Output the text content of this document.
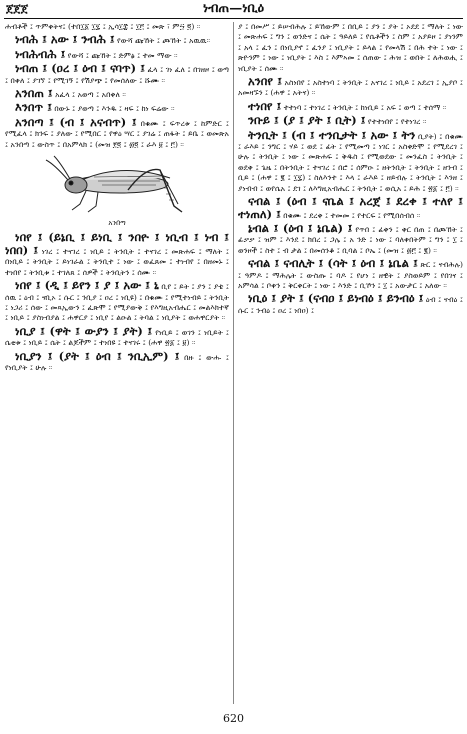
ጀጀጀ	ነብጠ—ነቢዕ
ሐብቶች ፤ ጥምቀትና፤ (ተበ፲፩ ፲፯ ፤ ኢሳ፲፰ ፤ ፲፫ ፤ መጽ ፣ ም፵ ፬) ።
ነብሕ ፤ አው ፤ ንብሕ ፤ የውሻ ጩኸት ፤ ጮኸት ፤ አዉዉ።
ነብሕብሕ ፤ የውሻ ፤ ጩኸት ፤ ድምፅ ፤ ተመ ማው ።
ነብጠ ፤ (ዐረ ፤ ዕብ ፤ ናባጥ) ፤ ፈላ ፤ ገነ ፈለ ፤ በገዘዞ ፤ ወጣ ፤ በቀለ ፤ ያገኘ ፤ የሚገኝ ፤ የሽያጭ ፤ የመሰለው ፤ ሹሙ ።
አንበጠ ፤ አፈላ ፤ አወጣ ፤ አበቀለ ።
እንበጥ ፤ በውኑ ፤ ያወጣ ፤ እንዱ ፤ ዛፍ ፤ ከነ ፍሬው ።
አንበጣ ፤ (ብ ፤ አናብጥ) ፤ በቁሙ ፤ ፍጥረቱ ፤ ከምድር ፤ የሚፈላ ፤ ክንፍ ፤ ያለው ፤ የሚበር ፤ የዋዕ ሣር ፤ ያገሬ ፤ ጠፋት ፤ ይቤ ፤ ወመጽአ ፤ አንበጣ ፤ ውስጥ ፤ በአምላክ ፤ (መዝ ፻፬ ፤ ፴፬ ፤ ራእ ፱ ፤ ፫) ።
አንበጣ
ነበየ ፤ (ይኔቢ ፤ ይነቢ ፤ ንበዮ ፤ ነቢብ ፤ ነብ ፤ ነበበ) ፤ ነገረ ፤ ተናገረ ፤ ነቢይ ፤ ትንቢት ፤ ተናገረ ፤ መጽሐፍ ፤ ማለት ፤ በነቢይ ፤ ትንቢት ፤ ይነገራል ፤ ትንቢተ ፤ ነው ፤ ወፈጸመ ፤ ተነብየ ፤ በዘመኑ ፤ ተነበየ ፤ ትንቢቱ ፤ ተገለጸ ፤ ሰዎች ፤ ትንቢትን ፤ ሰሙ ።
ነበየ ፤ (ዲ ፤ ይየን ፤ ያ ፤ አው ፤ ኒ ቢየ ፤ ይት ፤ ያን ፤ ያቴ ፤ ሰዉ ፤ ዕብ ፤ ናቢኦ ፤ ሱር ፤ ንቢያ ፤ ዐረ ፤ ነቢዩ) ፤ በቁሙ ፤ የሚተነብይ ፤ ትንቢት ፤ ነጋሪ ፤ ሰው ፤ መጻኢውን ፤ ፈጽሞ ፤ የሚያውቅ ፤ የእግዚአብሔር ፤ መልእክተኛ ፤ ነቢይ ፤ ያስነብያል ፤ ሐዋርያ ፤ ነቢየ ፤ ልዑል ፤ ትባል ፤ ነቢያት ፤ ወሐዋርያት ።
ነቢያ ፤ (ዋት ፤ ውያን ፤ ያት) ፤ የነቢይ ፤ ወገን ፤ ነቢይት ፤ ሴቲቱ ፤ ነቢይ ፤ ሴት ፤ ልጆችም ፤ ተነበዩ ፤ ተናገሩ ፤ (ሐዋ ፳፩ ፤ ፱) ።
ነቢያን ፤ (ያት ፤ ዕብ ፤ ንቢኢም) ፤ በዙ ፤ ውሑ ፤ የነቢያት ፤ ሁሉ ።
ያ ፤ በመሥ ፤ ይሠብሕሉ ፤ ይኸውም ፤ በቢይ ፤ ያን ፤ ያት ፤ ኦደደ ፤ ማለት ፤ ነው ፤ መጽሐፍ ፤ ግን ፤ ወንድና ፤ ሴት ፤ ዓይለይ ፤ የሴቶችን ፤ ስም ፤ አያይዞ ፤ ያነንም ፤ አላ ፤ ፈን ፤ በነቢያኖ ፤ ፈንያ ፤ ነቢያት ፤ ይላል ፤ የመላሽ ፤ በሕ ተት ፤ ነው ፤ ጽዮንም ፤ ነው ፤ ነቢያት ፤ እስ ፤ እምኣመ ፤ ሰጠው ፤ ሕዝ ፤ ወበት ፤ ለሕወሒ ፤ ነቢያት ፤ ሰሙ ።
አንበየ ፤ አስነበየ ፤ አስተነባ ፤ ትንቢት ፤ አናገረ ፤ ነቢይ ፤ አደረገ ፤ ኢያቦ ፤ አመዛኙን ፤ (ሐዋ ፤ አትና) ።
ተነበየ ፤ ተተነባ ፤ ተነገረ ፤ ትንቢት ፤ ከነቢይ ፤ አፍ ፤ ወጣ ፤ ተሰማ ።
ንቡይ ፤ (ያ ፤ ያት ፤ ቢት) ፤ የተተነበየ ፤ የተነገረ ።
ትንቢት ፤ (ብ ፤ ተንቢታት ፤ አው ፤ ትን ቢያት) ፤ በቁሙ ፤ ራእይ ፤ ንግር ፤ ሃይ ፤ ወደ ፤ ፊት ፤ የሚመጣ ፤ ነገር ፤ አስቀድሞ ፤ የሚደረገ ፤ ሁሉ ፤ ትንቢት ፤ ነው ፤ መጽሐፍ ፤ ቅዱስ ፤ የሚወደው ፤ መንፈስ ፤ ትንቢት ፤ ወደቀ ፤ ጌዜ ፤ በትንቢት ፤ ተናገረ ፤ በሮ ፤ ሰምዑ ፤ ዘትንቢት ፤ ትንቢት ፤ ዘንብ ፤ ቢይ ፤ (ሐዋ ፤ ፪ ፤ ፲፯) ፤ ስለእንተ ፤ እላ ፤ ራእይ ፤ ዘይብሉ ፤ ትንቢት ፤ እንዘ ፤ ያነብብ ፤ ወየሴአ ፤ ደገ ፤ ለእግዚአብሔር ፤ ትንቢት ፤ ወሲአ ፤ ይሕ ፤ ፳፩ ፤ ፫) ።
ናብል ፤ (ዕብ ፤ ናቤል ፤ አረጀ ፤ ደረቀ ፤ ተለየ ፤ ተነጠለ) ፤ በቁሙ ፤ ደረቀ ፤ ተመመ ፤ የተርፍ ፤ የሚበሰብሰ ።
ኔብል ፤ (ዕብ ፤ ኔቤል) ፤ የጥበ ፤ ፊቀን ፤ ቀር በጠ ፤ በጮኸት ፤ ፊቃቃ ፤ ዝም ፤ እንደ ፤ ክበረ ፤ ጋሌ ፤ አ ንድ ፤ ነው ፤ ባለቀበትም ፤ ግን ፤ ፲ ፤ ወንዞች ፤ ስተ ፤ ብ ታል ፤ በመሰንቆ ፤ ቢባል ፤ ቦኤ ፤ (መዝ ፤ ፴፫ ፤ ፪) ።
ናብል ፤ ናብሊት ፤ (ሳት ፤ ዕብ ፤ ኔቤል ፤ ጽር ፤ ናብሕሉ) ፤ ዓምዶ ፤ ማሕሌት ፤ ውስጡ ፤ ባዶ ፤ የሆነ ፤ ዘዊት ፤ ያስወይም ፤ የበገና ፤ አምሳል ፤ ቦቀን ፤ ቅርቀርት ፤ ነው ፤ እንድ ፤ ቢኾን ፤ ፲ ፤ አውታር ፤ አለው ።
ነቢዕ ፤ ያት ፤ (ናብዐ ፤ ይነብዕ ፤ ይንብዕ ፤ ዕብ ፤ ናብዕ ፤ ሱር ፤ ንብዕ ፤ ዐረ ፤ ነበዐ) ፤
620
